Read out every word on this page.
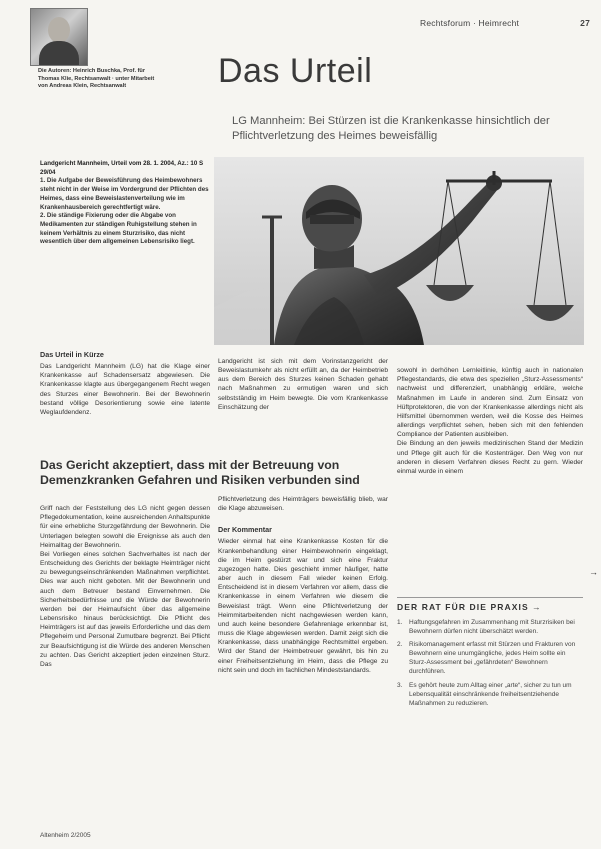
Rechtsforum · Heimrecht	27
Die Autoren: Heinrich Buschka, Prof. für Thomas Klie, Rechtsanwalt · unter Mitarbeit von Andreas Klein, Rechtsanwalt	Das Urteil
LG Mannheim: Bei Stürzen ist die Krankenkasse hinsichtlich der Pflichtverletzung des Heimes beweisfällig
Landgericht Mannheim, Urteil vom 28. 1. 2004, Az.: 10 S 29/04
1. Die Aufgabe der Beweisführung des Heimbewohners steht nicht in der Weise im Vordergrund der Pflichten des Heimes, dass eine Beweislastenverteilung wie im Krankenhausbereich gerechtfertigt wäre.
2. Die ständige Fixierung oder die Abgabe von Medikamenten zur ständigen Ruhigstellung stehen in keinem Verhältnis zu einem Sturzrisiko, das nicht wesentlich über dem allgemeinen Lebensrisiko liegt.
Das Urteil in Kürze

Das Landgericht Mannheim (LG) hat die Klage einer Krankenkasse auf Schadensersatz abgewiesen. Die Krankenkasse klagte aus übergegangenem Recht wegen des Sturzes einer Bewohnerin. Bei der Bewohnerin bestand völlige Desorientierung sowie eine latente Weglaufdendenz.

Landgericht ist sich mit dem Vorinstanzgericht der Beweislastumkehr als nicht erfüllt an, da der Heimbetrieb aus dem Bereich des Sturzes keinen Schaden gehabt nach Maßnahmen zu ermutigen waren und sich selbstständig im Heim bewegte. Die vom Krankenkasse Einschätzung der

sowohl in derhöhen Lernleitlinie, künftig auch in nationalen Pflegestandards, die etwa des speziellen „Sturz-Assessments“ nachweist und differenziert, unabhängig erkläre, welche Maßnahmen im Laufe in anderen sind. Zum Einsatz von Hüftprotektoren, die von der Krankenkasse allerdings nicht als Hilfsmittel übernommen werden, weil die Kosse des Heimes allerdings verpflichtet sehen, heben sich mit den fehlenden Compliance der Patienten ausbleiben.
Die Bindung an den jeweils medizinischen Stand der Medizin und Pflege gilt auch für die Kostenträger. Den Weg von nur anderen in diesem Verfahren dieses Recht zu gern. Wieder einmal wurde in einem

Das Gericht akzeptiert, dass mit der Betreuung von Demenzkranken Gefahren und Risiken verbunden sind

Griff nach der Feststellung des LG nicht gegen dessen Pflegedokumentation, keine ausreichenden Anhaltspunkte für eine erhebliche Sturzgefährdung der Bewohnerin. Die Unterlagen belegten sowohl die Ereignisse als auch den Heimalltag der Bewohnerin.
Bei Vorliegen eines solchen Sachverhaltes ist nach der Entscheidung des Gerichts der beklagte Heimträger nicht zu bewegungseinschränkenden Maßnahmen verpflichtet. Dies war auch nicht geboten. Mit der Bewohnerin und auch dem Betreuer bestand Einvernehmen. Die Sicherheitsbedürfnisse und die Würde der Bewohnerin werden bei der Heimaufsicht über das allgemeine Lebensrisiko hinaus berücksichtigt. Die Pflicht des Heimträgers ist auf das jeweils Erforderliche und das dem Pflegeheim und Personal Zumutbare begrenzt. Bei Pflicht zur Beaufsichtigung ist die Würde des anderen Menschen zu achten. Das Gericht akzeptiert jeden einzelnen Sturz. Das

Pflichtverletzung des Heimträgers beweisfällig blieb, war die Klage abzuweisen.

Der Kommentar

Wieder einmal hat eine Krankenkasse Kosten für die Krankenbehandlung einer Heimbewohnerin eingeklagt, die im Heim gestürzt war und sich eine Fraktur zugezogen hatte. Dies geschieht immer häufiger, hatte aber auch in diesem Fall wieder keinen Erfolg. Entscheidend ist in diesem Verfahren vor allem, dass die Krankenkasse in einem Verfahren wie diesem die Beweislast trägt. Wenn eine Pflichtverletzung der Heimmitarbeitenden nicht nachgewiesen werden kann, und auch keine besondere Gefahrenlage erkennbar ist, muss die Klage abgewiesen werden. Damit zeigt sich die Krankenkasse, dass unabhängige Rechtsmittel ergeben. Wird der Stand der Heimbetreuer gewährt, bis hin zu einer Freiheitsentziehung im Heim, dass die Pflege zu nicht sein und doch im fachlichen Mindeststandards.

→
DER RAT FÜR DIE PRAXIS →
1. Haftungsgefahren im Zusammenhang mit Sturzrisiken bei Bewohnern dürfen nicht überschätzt werden.
2. Risikomanagement erfasst mit Stürzen und Frakturen von Bewohnern eine unumgängliche, jedes Heim sollte ein Sturz-Assessment bei „gefährdeten“ Bewohnern durchführen.
3. Es gehört heute zum Alltag einer „arte“, sicher zu tun um Lebensqualität einschränkende freiheitsentziehende Maßnahmen zu reduzieren.
Altenheim 2/2005
